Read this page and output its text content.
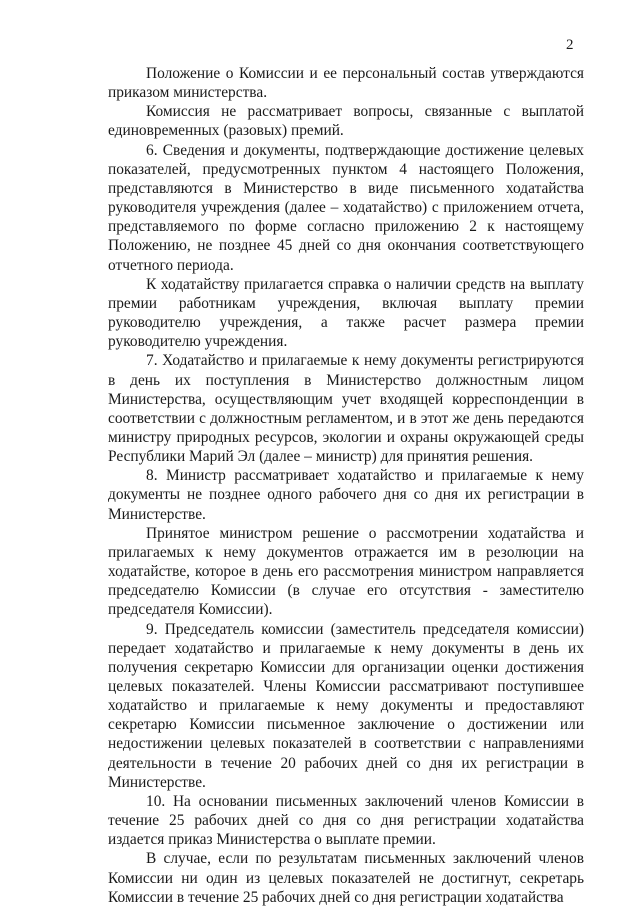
2

Положение о Комиссии и ее персональный состав утверждаются приказом министерства.

Комиссия не рассматривает вопросы, связанные с выплатой единовременных (разовых) премий.

6. Сведения и документы, подтверждающие достижение целевых показателей, предусмотренных пунктом 4 настоящего Положения, представляются в Министерство в виде письменного ходатайства руководителя учреждения (далее – ходатайство) с приложением отчета, представляемого по форме согласно приложению 2 к настоящему Положению, не позднее 45 дней со дня окончания соответствующего отчетного периода.

К ходатайству прилагается справка о наличии средств на выплату премии работникам учреждения, включая выплату премии руководителю учреждения, а также расчет размера премии руководителю учреждения.

7. Ходатайство и прилагаемые к нему документы регистрируются в день их поступления в Министерство должностным лицом Министерства, осуществляющим учет входящей корреспонденции в соответствии с должностным регламентом, и в этот же день передаются министру природных ресурсов, экологии и охраны окружающей среды Республики Марий Эл (далее – министр) для принятия решения.

8. Министр рассматривает ходатайство и прилагаемые к нему документы не позднее одного рабочего дня со дня их регистрации в Министерстве.

Принятое министром решение о рассмотрении ходатайства и прилагаемых к нему документов отражается им в резолюции на ходатайстве, которое в день его рассмотрения министром направляется председателю Комиссии (в случае его отсутствия - заместителю председателя Комиссии).

9. Председатель комиссии (заместитель председателя комиссии) передает ходатайство и прилагаемые к нему документы в день их получения секретарю Комиссии для организации оценки достижения целевых показателей. Члены Комиссии рассматривают поступившее ходатайство и прилагаемые к нему документы и предоставляют секретарю Комиссии письменное заключение о достижении или недостижении целевых показателей в соответствии с направлениями деятельности в течение 20 рабочих дней со дня их регистрации в Министерстве.

10. На основании письменных заключений членов Комиссии в течение 25 рабочих дней со дня со дня регистрации ходатайства издается приказ Министерства о выплате премии.

В случае, если по результатам письменных заключений членов Комиссии ни один из целевых показателей не достигнут, секретарь Комиссии в течение 25 рабочих дней со дня регистрации ходатайства
